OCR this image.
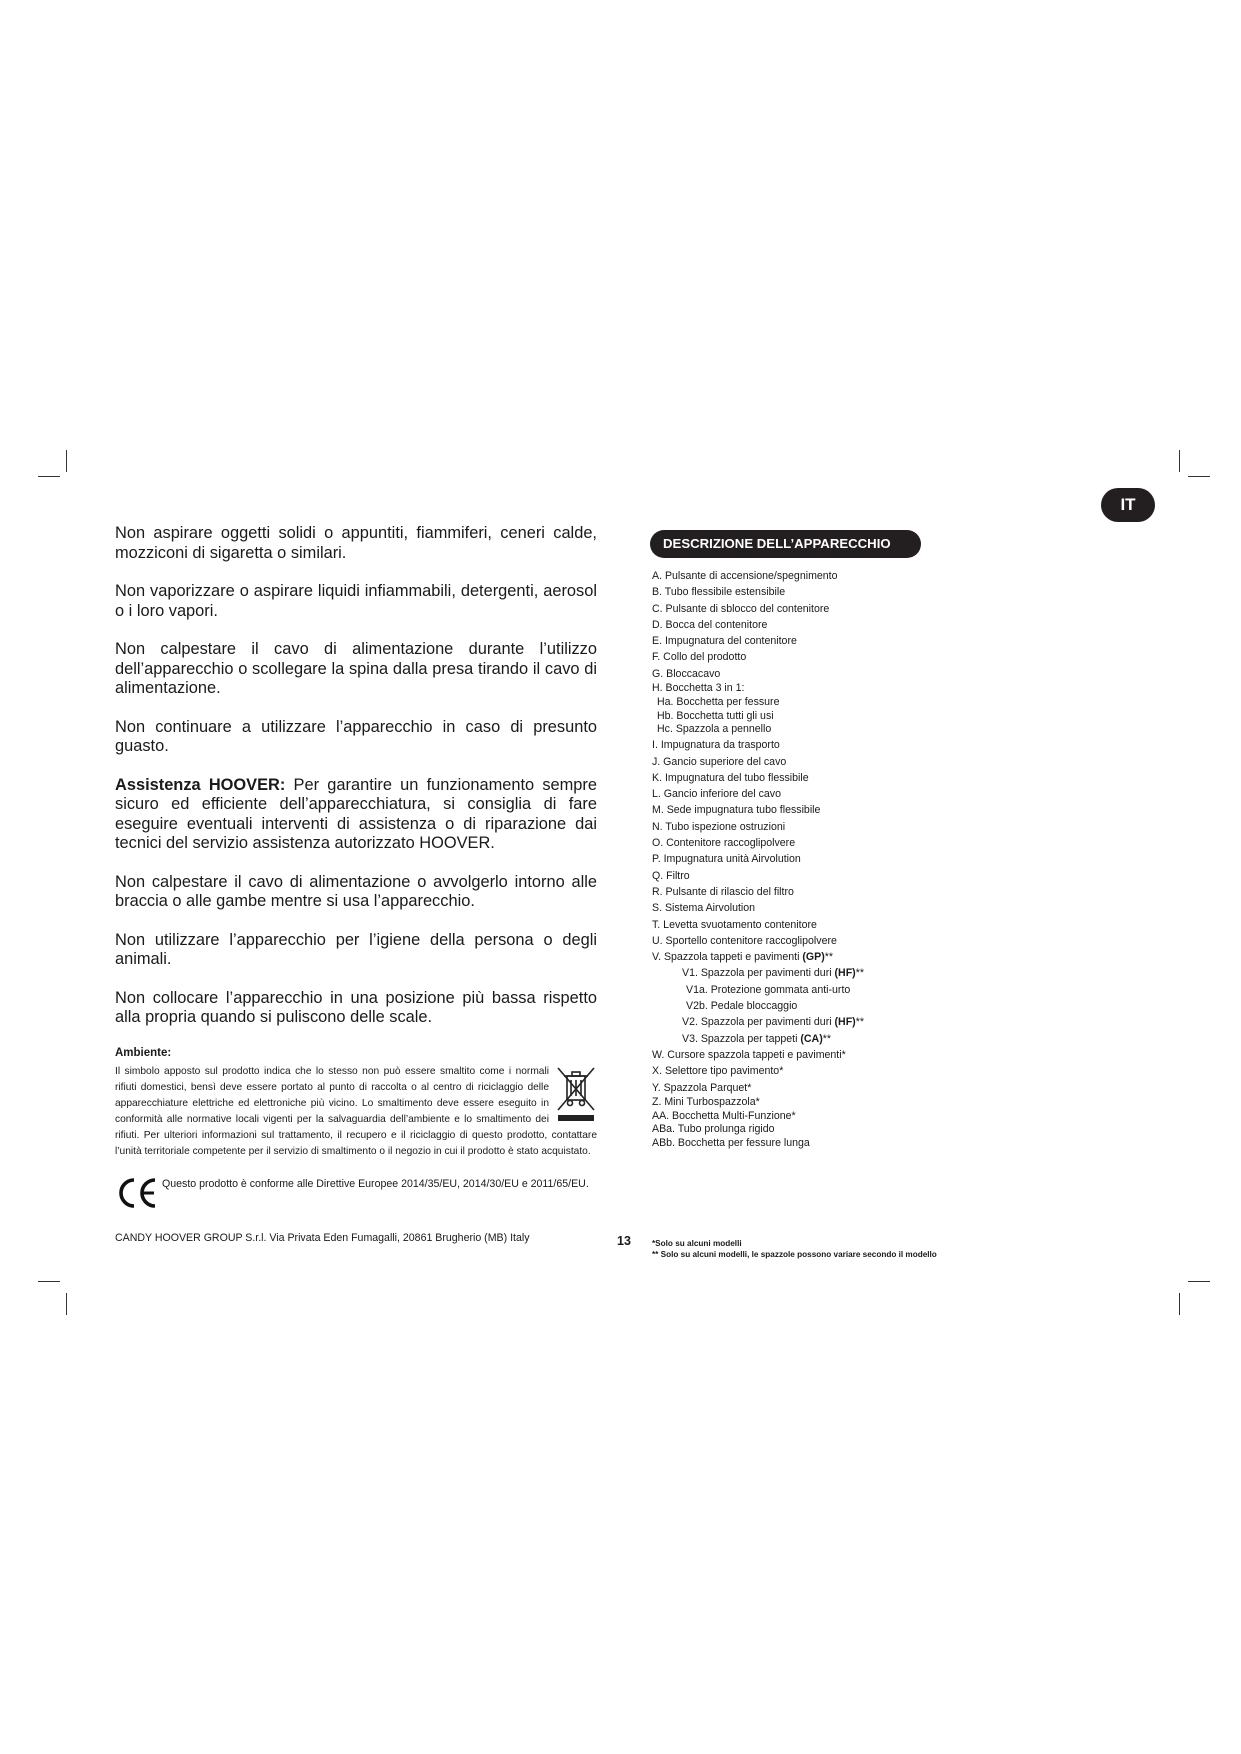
IT

Non aspirare oggetti solidi o appuntiti, fiammiferi, ceneri calde, mozziconi di sigaretta o similari.

Non vaporizzare o aspirare liquidi infiammabili, detergenti, aerosol o i loro vapori.

Non calpestare il cavo di alimentazione durante l’utilizzo dell’apparecchio o scollegare la spina dalla presa tirando il cavo di alimentazione.

Non continuare a utilizzare l’apparecchio in caso di presunto guasto.

Assistenza HOOVER: Per garantire un funzionamento sempre sicuro ed efficiente dell’apparecchiatura, si consiglia di fare eseguire eventuali interventi di assistenza o di riparazione dai tecnici del servizio assistenza autorizzato HOOVER.

Non calpestare il cavo di alimentazione o avvolgerlo intorno alle braccia o alle gambe mentre si usa l’apparecchio.

Non utilizzare l’apparecchio per l’igiene della persona o degli animali.

Non collocare l’apparecchio in una posizione più bassa rispetto alla propria quando si puliscono delle scale.

Ambiente:

Il simbolo apposto sul prodotto indica che lo stesso non può essere smaltito come i normali rifiuti domestici, bensì deve essere portato al punto di raccolta o al centro di riciclaggio delle apparecchiature elettriche ed elettroniche più vicino. Lo smaltimento deve essere eseguito in conformità alle normative locali vigenti per la salvaguardia dell’ambiente e lo smaltimento dei rifiuti. Per ulteriori informazioni sul trattamento, il recupero e il riciclaggio di questo prodotto, contattare l’unità territoriale competente per il servizio di smaltimento o il negozio in cui il prodotto è stato acquistato.

Questo prodotto è conforme alle Direttive Europee 2014/35/EU, 2014/30/EU e 2011/65/EU.
CANDY HOOVER GROUP S.r.l. Via Privata Eden Fumagalli, 20861 Brugherio (MB) Italy
DESCRIZIONE DELL’APPARECCHIO
A. Pulsante di accensione/spegnimento
B. Tubo flessibile estensibile
C. Pulsante di sblocco del contenitore
D. Bocca del contenitore
E. Impugnatura del contenitore
F. Collo del prodotto
G. Bloccacavo
H. Bocchetta 3 in 1:
Ha. Bocchetta per fessure
Hb. Bocchetta tutti gli usi
Hc. Spazzola a pennello
I. Impugnatura da trasporto
J. Gancio superiore del cavo
K. Impugnatura del tubo flessibile
L. Gancio inferiore del cavo
M. Sede impugnatura tubo flessibile
N. Tubo ispezione ostruzioni
O. Contenitore raccoglipolvere
P. Impugnatura unità Airvolution
Q. Filtro
R. Pulsante di rilascio del filtro
S. Sistema Airvolution
T. Levetta svuotamento contenitore
U. Sportello contenitore raccoglipolvere
V. Spazzola tappeti e pavimenti (GP)**
V1. Spazzola per pavimenti duri (HF)**
V1a. Protezione gommata anti-urto
V2b. Pedale bloccaggio
V2. Spazzola per pavimenti duri (HF)**
V3. Spazzola per tappeti (CA)**
W. Cursore spazzola tappeti e pavimenti*
X. Selettore tipo pavimento*
Y. Spazzola Parquet*
Z. Mini Turbospazzola*
AA. Bocchetta Multi-Funzione*
ABa. Tubo prolunga rigido
ABb. Bocchetta per fessure lunga
13	*Solo su alcuni modelli
** Solo su alcuni modelli, le spazzole possono variare secondo il modello
